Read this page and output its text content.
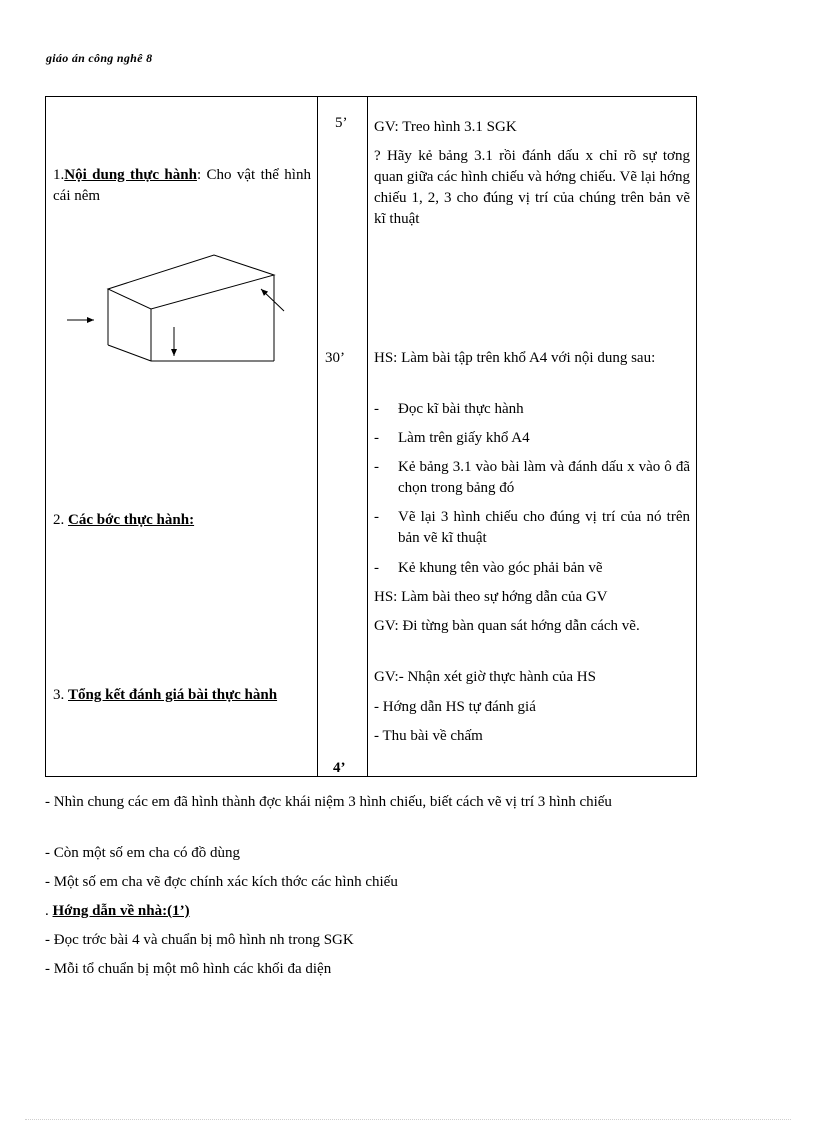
giáo án công nghê 8
1.Nội dung thực hành: Cho vật thể hình cái nêm
2. Các bớc thực hành:
3. Tổng kết đánh giá bài thực hành
5’
30’
4’
GV: Treo hình 3.1 SGK
? Hãy kẻ bảng 3.1 rồi đánh dấu x chỉ rõ sự tơng quan giữa các hình chiếu và hớng chiếu. Vẽ lại hớng chiếu 1, 2, 3 cho đúng vị trí của chúng trên bản vẽ kĩ thuật
HS: Làm bài tập trên khổ A4 với nội dung sau:
- Đọc kĩ bài thực hành
- Làm trên giấy khổ A4
- Kẻ bảng 3.1 vào bài làm và đánh dấu x vào ô đã chọn trong bảng đó
- Vẽ lại 3 hình chiếu cho đúng vị trí của nó trên bản vẽ kĩ thuật
- Kẻ khung tên vào góc phải bản vẽ
HS: Làm bài theo sự hớng dẫn của GV
GV: Đi từng bàn quan sát hớng dẫn cách vẽ.
GV:- Nhận xét giờ thực hành của HS
- Hớng dẫn HS tự đánh giá
- Thu bài về chấm
- Nhìn chung các em đã hình thành đợc khái niệm 3 hình chiếu, biết cách vẽ vị trí 3 hình chiếu
- Còn một số em cha có đồ dùng
- Một số em cha vẽ đợc chính xác kích thớc các hình chiếu
. Hớng dẫn về nhà:(1’)
- Đọc trớc bài 4 và chuẩn bị mô hình nh trong SGK
- Mỗi tổ chuẩn bị một mô hình các khối đa diện
